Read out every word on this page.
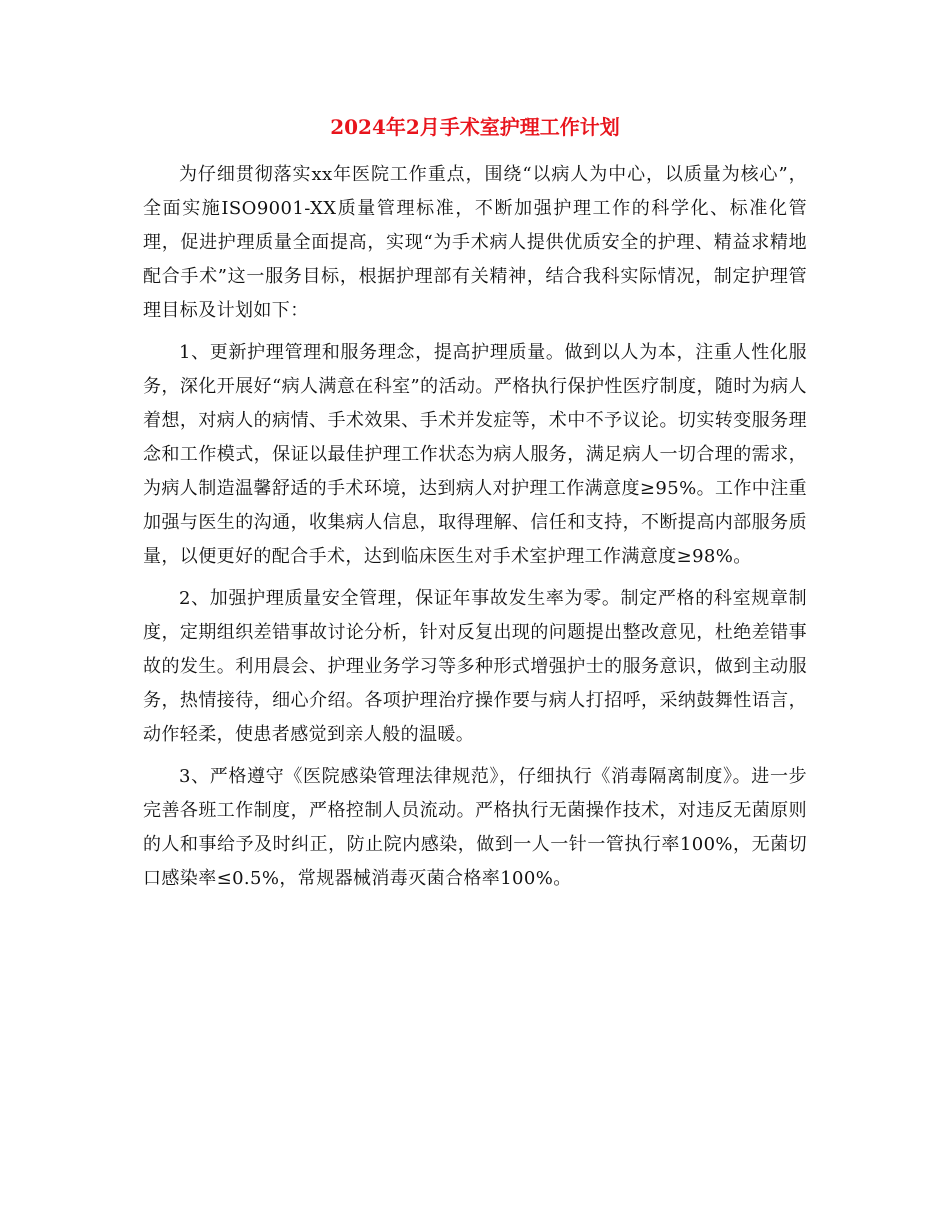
2024年2月手术室护理工作计划

为仔细贯彻落实xx年医院工作重点，围绕“以病人为中心，以质量为核心”，全面实施ISO9001-XX质量管理标准，不断加强护理工作的科学化、标准化管理，促进护理质量全面提高，实现“为手术病人提供优质安全的护理、精益求精地配合手术”这一服务目标，根据护理部有关精神，结合我科实际情况，制定护理管理目标及计划如下：

1、更新护理管理和服务理念，提高护理质量。做到以人为本，注重人性化服务，深化开展好“病人满意在科室”的活动。严格执行保护性医疗制度，随时为病人着想，对病人的病情、手术效果、手术并发症等，术中不予议论。切实转变服务理念和工作模式，保证以最佳护理工作状态为病人服务，满足病人一切合理的需求，为病人制造温馨舒适的手术环境，达到病人对护理工作满意度≥95%。工作中注重加强与医生的沟通，收集病人信息，取得理解、信任和支持，不断提高内部服务质量，以便更好的配合手术，达到临床医生对手术室护理工作满意度≥98%。

2、加强护理质量安全管理，保证年事故发生率为零。制定严格的科室规章制度，定期组织差错事故讨论分析，针对反复出现的问题提出整改意见，杜绝差错事故的发生。利用晨会、护理业务学习等多种形式增强护士的服务意识，做到主动服务，热情接待，细心介绍。各项护理治疗操作要与病人打招呼，采纳鼓舞性语言，动作轻柔，使患者感觉到亲人般的温暖。

3、严格遵守《医院感染管理法律规范》，仔细执行《消毒隔离制度》。进一步完善各班工作制度，严格控制人员流动。严格执行无菌操作技术，对违反无菌原则的人和事给予及时纠正，防止院内感染，做到一人一针一管执行率100%，无菌切口感染率≤0.5%，常规器械消毒灭菌合格率100%。
